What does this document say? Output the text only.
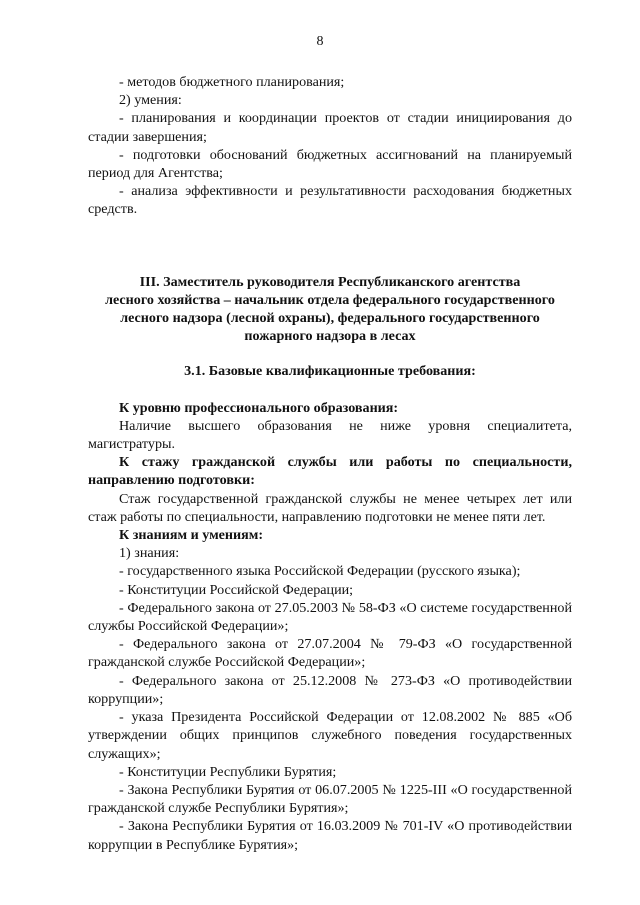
8

- методов бюджетного планирования;

2) умения:

- планирования и координации проектов от стадии инициирования до стадии завершения;

- подготовки обоснований бюджетных ассигнований на планируемый период для Агентства;

- анализа эффективности и результативности расходования бюджетных средств.

III. Заместитель руководителя Республиканского агентства

лесного хозяйства – начальник отдела федерального государственного

лесного надзора (лесной охраны), федерального государственного

пожарного надзора в лесах

3.1. Базовые квалификационные требования:

К уровню профессионального образования:

Наличие высшего образования не ниже уровня специалитета, магистратуры.

К стажу гражданской службы или работы по специальности, направлению подготовки:

Стаж государственной гражданской службы не менее четырех лет или стаж работы по специальности, направлению подготовки не менее пяти лет.

К знаниям и умениям:

1) знания:

- государственного языка Российской Федерации (русского языка);

- Конституции Российской Федерации;

- Федерального закона от 27.05.2003 № 58-ФЗ «О системе государственной службы Российской Федерации»;

- Федерального закона от 27.07.2004 № 79-ФЗ «О государственной гражданской службе Российской Федерации»;

- Федерального закона от 25.12.2008 № 273-ФЗ «О противодействии коррупции»;

- указа Президента Российской Федерации от 12.08.2002 № 885 «Об утверждении общих принципов служебного поведения государственных служащих»;

- Конституции Республики Бурятия;

- Закона Республики Бурятия от 06.07.2005 № 1225-III «О государственной гражданской службе Республики Бурятия»;

- Закона Республики Бурятия от 16.03.2009 № 701-IV «О противодействии коррупции в Республике Бурятия»;
